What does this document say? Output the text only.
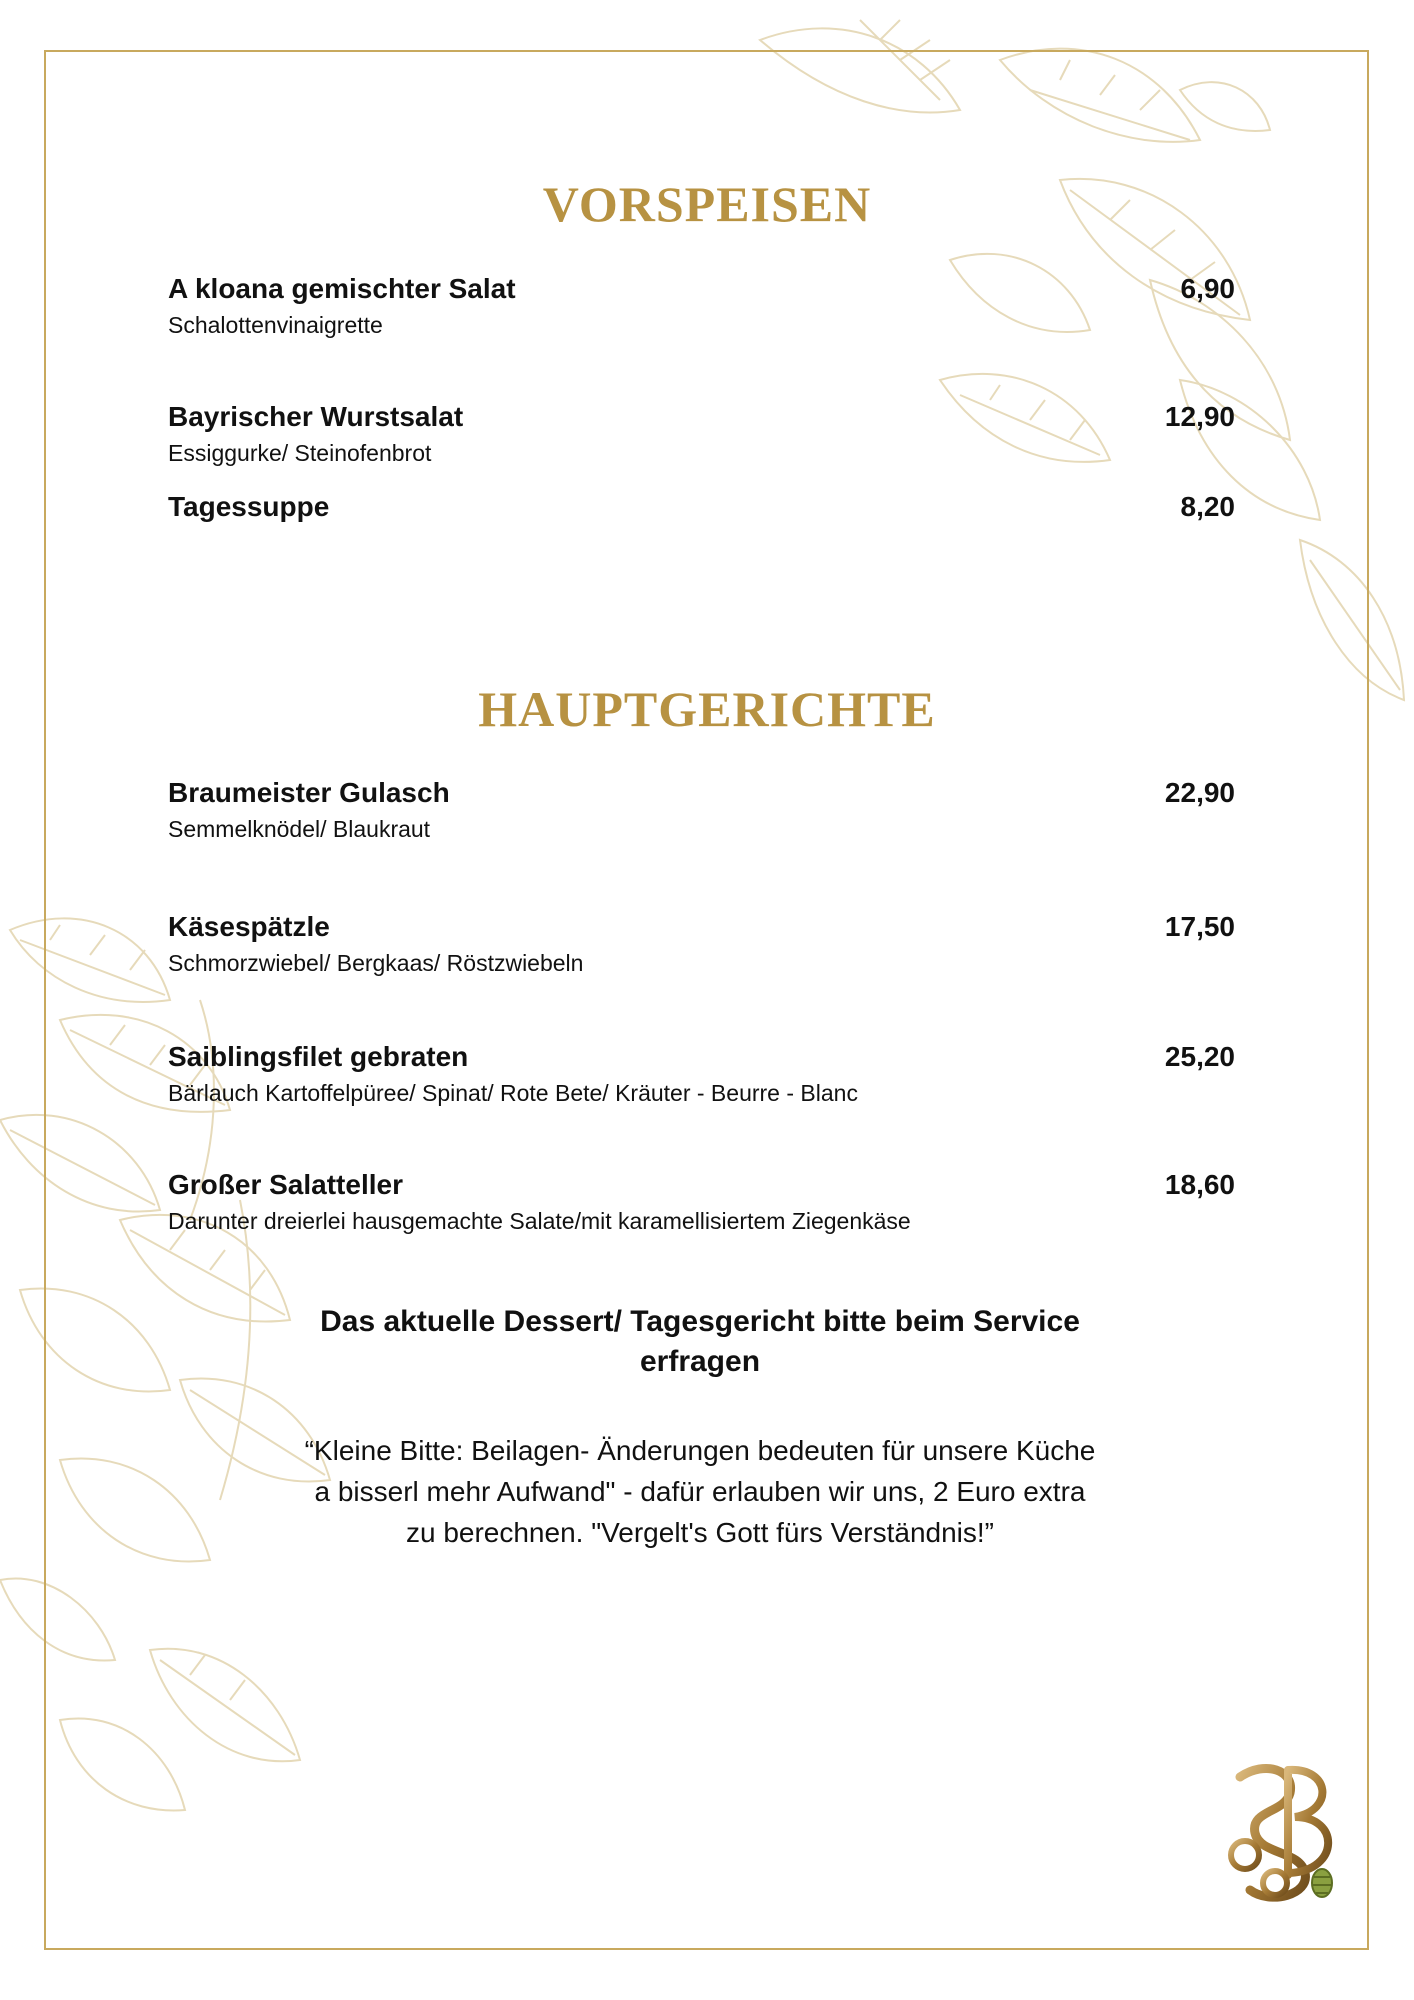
VORSPEISEN
A kloana gemischter Salat	6,90
Schalottenvinaigrette
Bayrischer Wurstsalat	12,90
Essiggurke/ Steinofenbrot
Tagessuppe	8,20
HAUPTGERICHTE
Braumeister Gulasch	22,90
Semmelknödel/ Blaukraut
Käsespätzle	17,50
Schmorzwiebel/ Bergkaas/ Röstzwiebeln
Saiblingsfilet gebraten	25,20
Bärlauch Kartoffelpüree/ Spinat/ Rote Bete/ Kräuter - Beurre - Blanc
Großer Salatteller	18,60
Darunter dreierlei hausgemachte Salate/mit karamellisiertem Ziegenkäse
Das aktuelle Dessert/ Tagesgericht bitte beim Service
erfragen
“Kleine Bitte: Beilagen- Änderungen bedeuten für unsere Küche
a bisserl mehr Aufwand" - dafür erlauben wir uns, 2 Euro extra
zu berechnen. "Vergelt's Gott fürs Verständnis!”
